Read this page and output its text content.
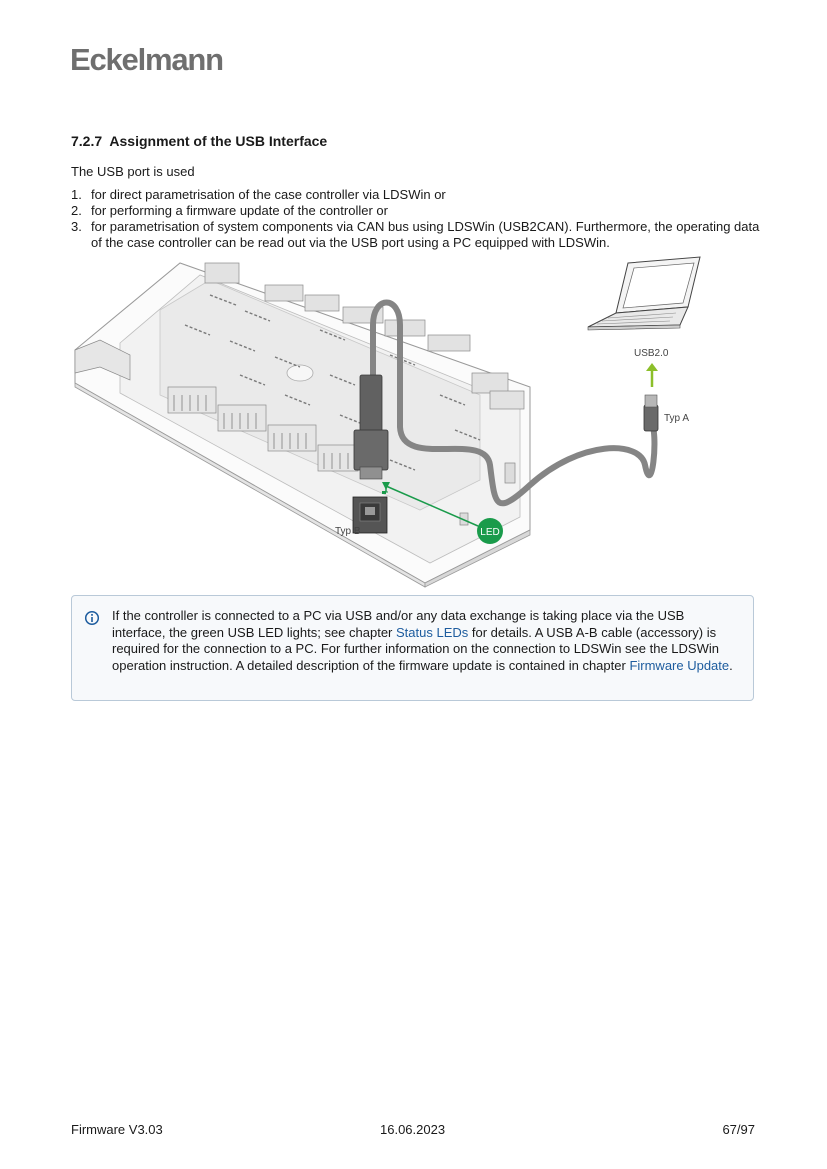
Eckelmann
7.2.7 Assignment of the USB Interface

The USB port is used

1. for direct parametrisation of the case controller via LDSWin or
2. for performing a firmware update of the controller or
3. for parametrisation of system components via CAN bus using LDSWin (USB2CAN). Furthermore, the operating data of the case controller can be read out via the USB port using a PC equipped with LDSWin.
USB2.0
Typ A
Typ B	LED
If the controller is connected to a PC via USB and/or any data exchange is taking place via the USB interface, the green USB LED lights; see chapter Status LEDs for details. A USB A-B cable (accessory) is required for the connection to a PC. For further information on the connection to LDSWin see the LDSWin operation instruction. A detailed description of the firmware update is contained in chapter Firmware Update.
Firmware V3.03	16.06.2023	67/97
